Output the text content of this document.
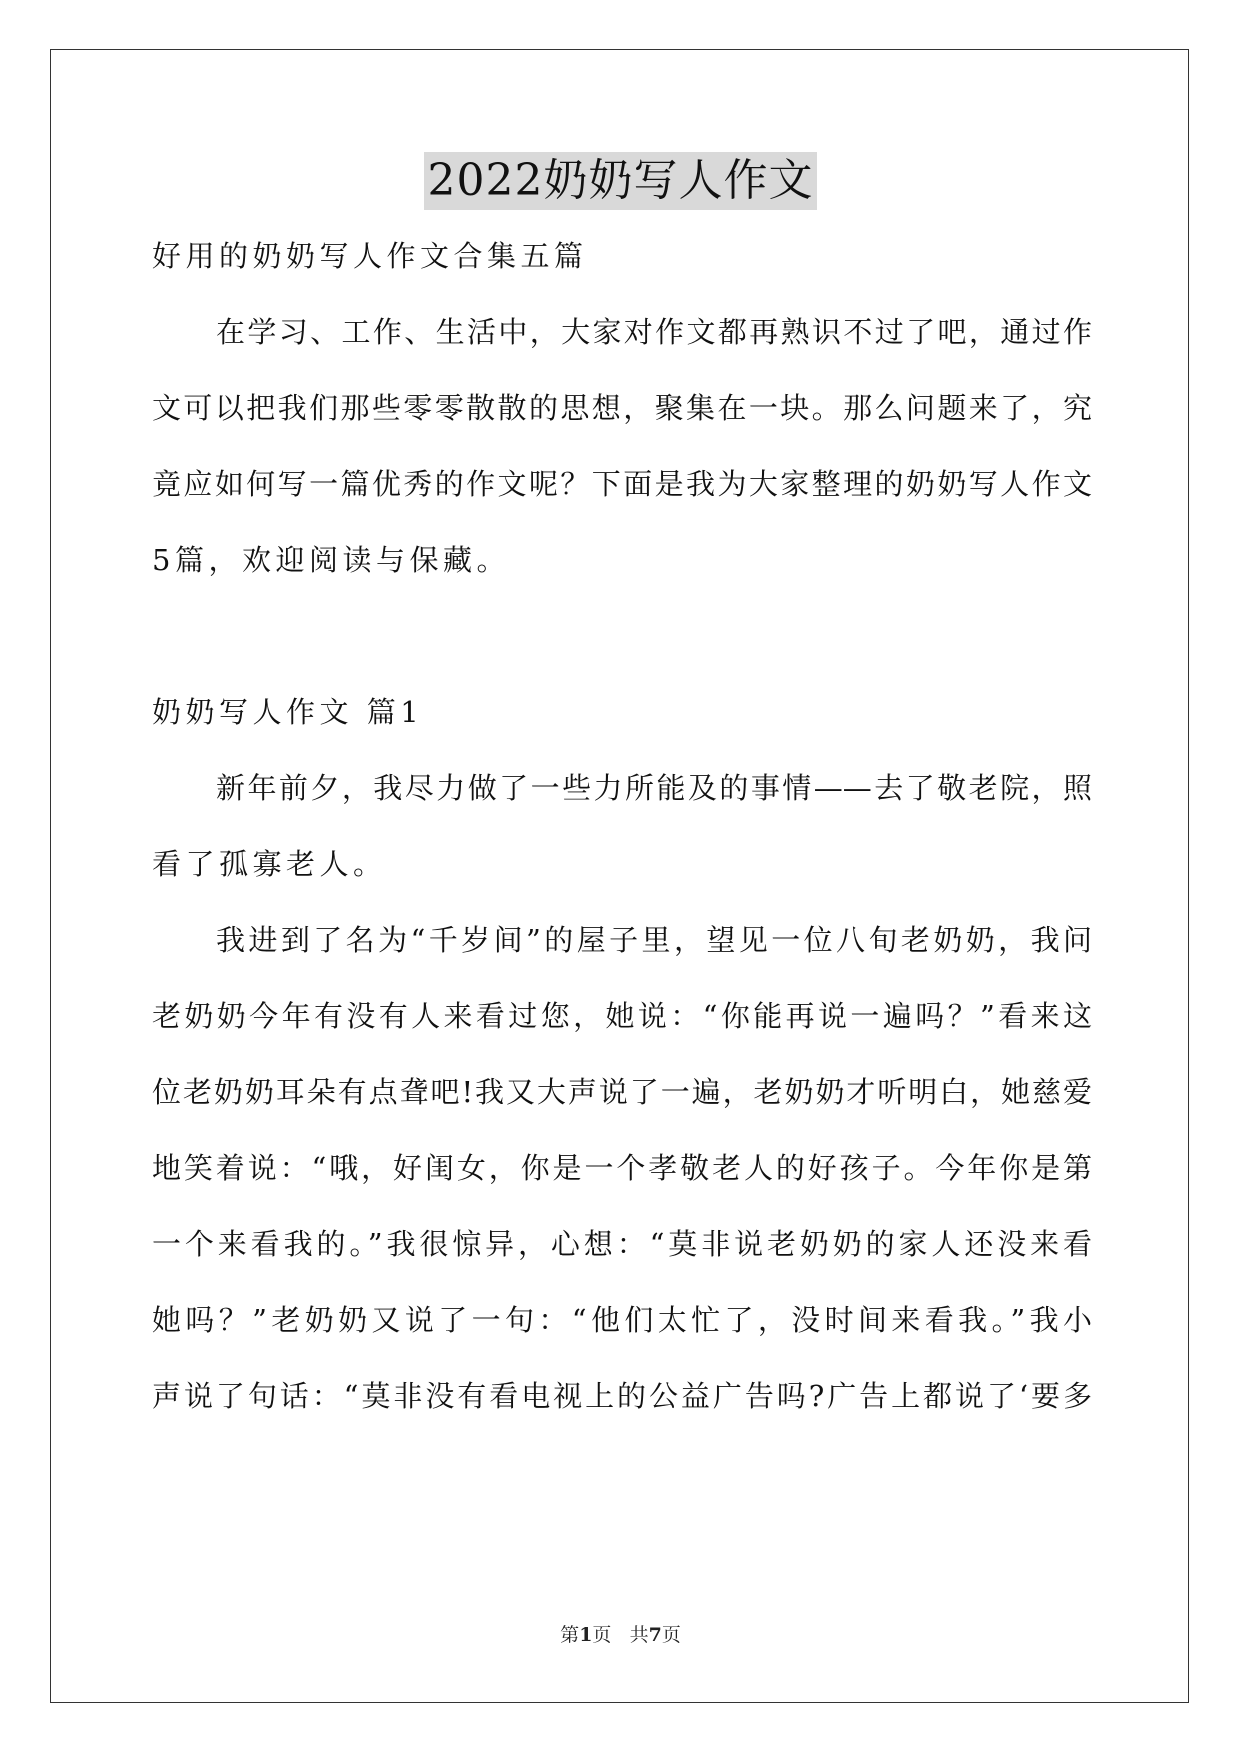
2022奶奶写人作文
好用的奶奶写人作文合集五篇
在学习、工作、生活中，大家对作文都再熟识不过了吧，通过作
文可以把我们那些零零散散的思想，聚集在一块。那么问题来了，究
竟应如何写一篇优秀的作文呢？下面是我为大家整理的奶奶写人作文
5篇，欢迎阅读与保藏。
奶奶写人作文 篇1
新年前夕，我尽力做了一些力所能及的事情——去了敬老院，照
看了孤寡老人。
我进到了名为“千岁间”的屋子里，望见一位八旬老奶奶，我问
老奶奶今年有没有人来看过您，她说：“你能再说一遍吗？”看来这
位老奶奶耳朵有点聋吧!我又大声说了一遍，老奶奶才听明白，她慈爱
地笑着说：“哦，好闺女，你是一个孝敬老人的好孩子。今年你是第
一个来看我的。”我很惊异，心想：“莫非说老奶奶的家人还没来看
她吗？”老奶奶又说了一句：“他们太忙了，没时间来看我。”我小
声说了句话：“莫非没有看电视上的公益广告吗?广告上都说了‘要多
第1页 共7页
